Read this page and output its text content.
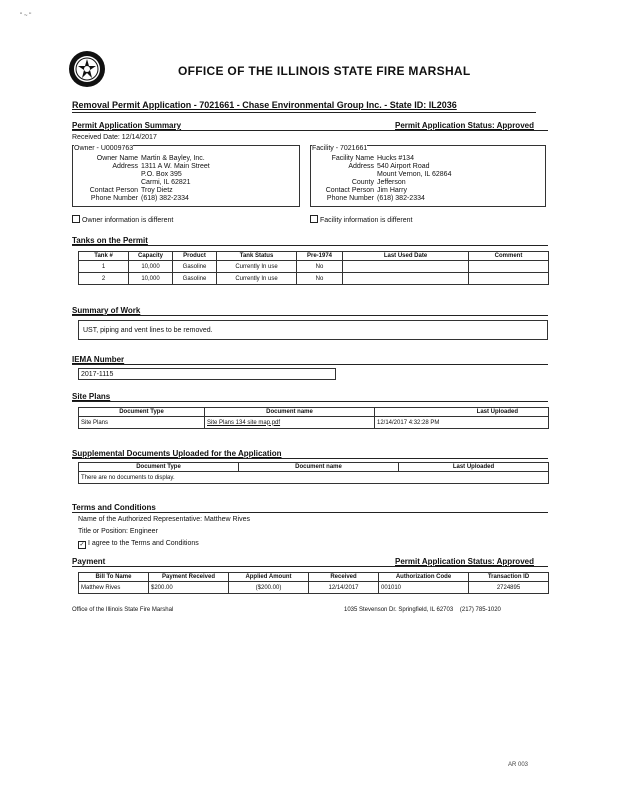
'' ~ ''
OFFICE OF THE ILLINOIS STATE FIRE MARSHAL
Removal Permit Application - 7021661 - Chase Environmental Group Inc. - State ID: IL2036
Permit Application Summary	Permit Application Status: Approved
Received Date: 12/14/2017
Owner - U0009763
Owner Name Martin & Bayley, Inc.
Address 1311 A W. Main Street
P.O. Box 395
Carmi, IL 62821
Contact Person Troy Dietz
Phone Number (618) 382-2334
Owner information is different
Facility - 7021661
Facility Name Hucks #134
Address 540 Airport Road
Mount Vernon, IL 62864
County Jefferson
Contact Person Jim Harry
Phone Number (618) 382-2334
Facility information is different
Tanks on the Permit
Tank #	Capacity	Product	Tank Status	Pre-1974	Last Used Date	Comment
1	10,000	Gasoline	Currently In use	No		
2	10,000	Gasoline	Currently In use	No		
Summary of Work
UST, piping and vent lines to be removed.
IEMA Number
2017-1115
Site Plans
Document Type	Document name	Last Uploaded
Site Plans	Site Plans 134 site map.pdf	12/14/2017 4:32:28 PM
Supplemental Documents Uploaded for the Application
Document Type	Document name	Last Uploaded
There are no documents to display.
Terms and Conditions
Name of the Authorized Representative: Matthew Rives
Title or Position: Engineer
✓ I agree to the Terms and Conditions
Payment	Permit Application Status: Approved
Bill To Name	Payment Received	Applied Amount	Received	Authorization Code	Transaction ID
Matthew Rives	$200.00	($200.00)	12/14/2017	001010	2724895
Office of the Illinois State Fire Marshal	1035 Stevenson Dr. Springfield, IL 62703    (217) 785-1020
AR 003
